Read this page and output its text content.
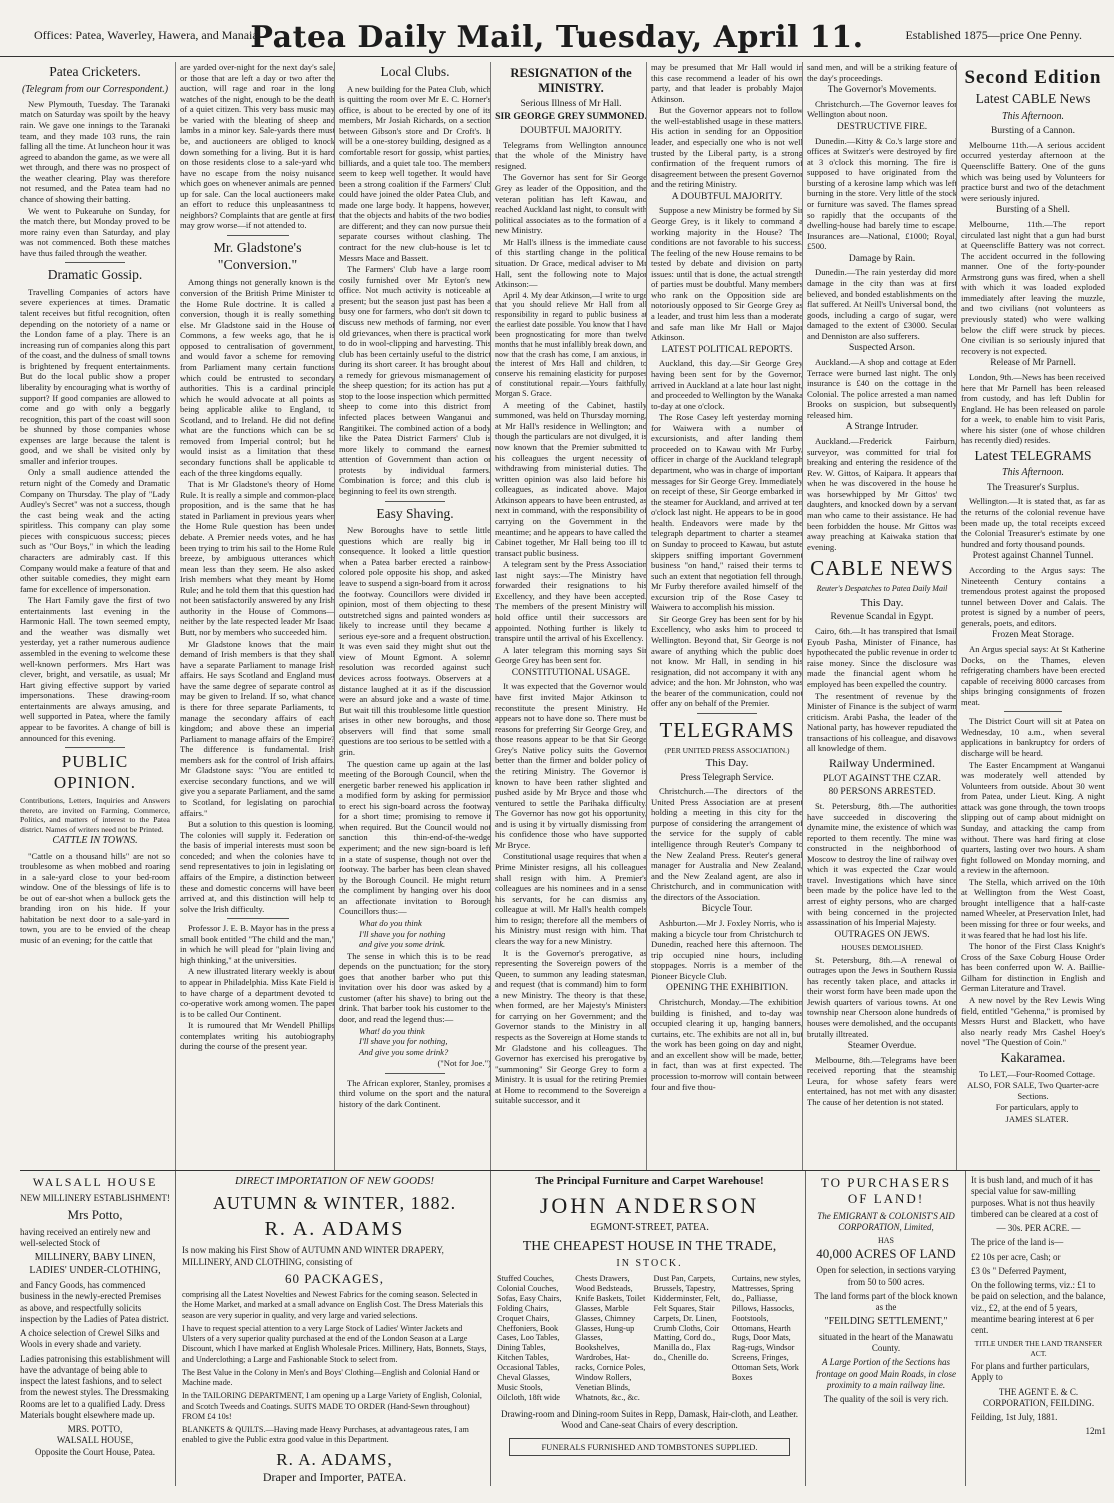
Offices: Patea, Waverley, Hawera, and Manaia.
Patea Daily Mail, Tuesday, April 11.	Established 1875—price One Penny.
Patea Cricketers.
(Telegram from our Correspondent.)

New Plymouth, Tuesday. The Taranaki match on Saturday was spoilt by the heavy rain. We gave one innings to the Taranaki team, and they made 103 runs, the rain falling all the time. At luncheon hour it was agreed to abandon the game, as we were all wet through, and there was no prospect of the weather clearing. Play was therefore not resumed, and the Patea team had no chance of showing their batting.

We went to Pukearuhe on Sunday, for the match there, but Monday proved to be more rainy even than Saturday, and play was not commenced. Both these matches have thus failed through the weather.

Dramatic Gossip.

Travelling Companies of actors have severe experiences at times. Dramatic talent receives but fitful recognition, often depending on the notoriety of a name or the London fame of a play. There is an increasing run of companies along this part of the coast, and the dulness of small towns is brightened by frequent entertainments. But do the local public show a proper liberality by encouraging what is worthy of support? If good companies are allowed to come and go with only a beggarly recognition, this part of the coast will soon be shunned by those companies whose expenses are large because the talent is good, and we shall be visited only by smaller and inferior troupes.

Only a small audience attended the return night of the Comedy and Dramatic Company on Thursday. The play of "Lady Audley's Secret" was not a success, though the cast being weak and the acting spiritless. This company can play some pieces with conspicuous success; pieces such as "Our Boys," in which the leading characters are admirably cast. If this Company would make a feature of that and other suitable comedies, they might earn fame for excellence of impersonation.

The Hart Family gave the first of two entertainments last evening in the Harmonic Hall. The town seemed empty, and the weather was dismally wet yesterday, yet a rather numerous audience assembled in the evening to welcome these well-known performers. Mrs Hart was clever, bright, and versatile, as usual; Mr Hart giving effective support by varied impersonations. These drawing-room entertainments are always amusing, and well supported in Patea, where the family appear to be favorites. A change of bill is announced for this evening.

PUBLIC OPINION.

Contributions, Letters, Inquiries and Answers thereto, are invited on Farming, Commerce, Politics, and matters of interest to the Patea district. Names of writers need not be Printed.

CATTLE IN TOWNS.

"Cattle on a thousand hills" are not so troublesome as when mobbed and roaring in a sale-yard close to your bed-room window. One of the blessings of life is to be out of ear-shot when a bullock gets the branding iron on his hide. If your habitation be next door to a sale-yard in town, you are to be envied of the cheap music of an evening; for the cattle that

are yarded over-night for the next day's sale, or those that are left a day or two after the auction, will rage and roar in the long watches of the night, enough to be the death of a quiet citizen. This very bass music may be varied with the bleating of sheep and lambs in a minor key. Sale-yards there must be, and auctioneers are obliged to knock down something for a living. But it is hard on those residents close to a sale-yard who have no escape from the noisy nuisance which goes on whenever animals are penned up for sale. Can the local auctioneers make an effort to reduce this unpleasantness to neighbors? Complaints that are gentle at first may grow worse—if not attended to.

Mr. Gladstone's "Conversion."

Among things not generally known is the conversion of the British Prime Minister to the Home Rule doctrine. It is called a conversion, though it is really something else. Mr Gladstone said in the House of Commons, a few weeks ago, that he is opposed to centralisation of government, and would favor a scheme for removing from Parliament many certain functions which could be entrusted to secondary authorities. This is a cardinal principle which he would advocate at all points as being applicable alike to England, to Scotland, and to Ireland. He did not define what are the functions which can be so removed from Imperial control; but he would insist as a limitation that these secondary functions shall be applicable to each of the three kingdoms equally.

That is Mr Gladstone's theory of Home Rule. It is really a simple and common-place proposition, and is the same that he has stated in Parliament in previous years when the Home Rule question has been under debate. A Premier needs votes, and he has been trying to trim his sail to the Home Rule breeze, by ambiguous utterances which mean less than they seem. He also asked Irish members what they meant by Home Rule; and he told them that this question had not been satisfactorily answered by any Irish authority in the House of Commons—neither by the late respected leader Mr Isaac Butt, nor by members who succeeded him.

Mr Gladstone knows that the main demand of Irish members is that they shall have a separate Parliament to manage Irish affairs. He says Scotland and England must have the same degree of separate control as may be given to Ireland. If so, what chance is there for three separate Parliaments, to manage the secondary affairs of each kingdom; and above these an imperial Parliament to manage affairs of the Empire? The difference is fundamental. Irish members ask for the control of Irish affairs. Mr Gladstone says: "You are entitled to exercise secondary functions, and we will give you a separate Parliament, and the same to Scotland, for legislating on parochial affairs."

But a solution to this question is looming. The colonies will supply it. Federation on the basis of imperial interests must soon be conceded; and when the colonies have to send representatives to join in legislating on affairs of the Empire, a distinction between these and domestic concerns will have been arrived at, and this distinction will help to solve the Irish difficulty.

Professor J. E. B. Mayor has in the press a small book entitled "The child and the man," in which he will plead for "plain living and high thinking," at the universities.

A new illustrated literary weekly is about to appear in Philadelphia. Miss Kate Field is to have charge of a department devoted to co-operative work among women. The paper is to be called Our Continent.

It is rumoured that Mr Wendell Phillips contemplates writing his autobiography during the course of the present year.

Local Clubs.

A new building for the Patea Club, which is quitting the room over Mr E. C. Horner's office, is about to be erected by one of its members, Mr Josiah Richards, on a section between Gibson's store and Dr Croft's. It will be a one-storey building, designed as a comfortable resort for gossip, whist parties, billiards, and a quiet tale too. The members seem to keep well together. It would have been a strong coalition if the Farmers' Club could have joined the older Patea Club, and made one large body. It happens, however, that the objects and habits of the two bodies are different; and they can now pursue their separate courses without clashing. The contract for the new club-house is let to Messrs Mace and Bassett.

The Farmers' Club have a large room cosily furnished over Mr Eyton's new office. Not much activity is noticeable at present; but the season just past has been a busy one for farmers, who don't sit down to discuss new methods of farming, nor even old grievances, when there is practical work to do in wool-clipping and harvesting. This club has been certainly useful to the district during its short career. It has brought about a remedy for grievous mismanagement of the sheep question; for its action has put a stop to the loose inspection which permitted sheep to come into this district from infected places between Wanganui and Rangitikei. The combined action of a body like the Patea District Farmers' Club is more likely to command the earnest attention of Government than action or protests by individual farmers. Combination is force; and this club is beginning to feel its own strength.

Easy Shaving.

New Boroughs have to settle little questions which are really big in consequence. It looked a little question when a Patea barber erected a rainbow-colored pole opposite his shop, and asked leave to suspend a sign-board from it across the footway. Councillors were divided in opinion, most of them objecting to these outstretched signs and painted wonders as likely to increase until they became a serious eye-sore and a frequent obstruction. It was even said they might shut out the view of Mount Egmont. A solemn resolution was recorded against such devices across footways. Observers at a distance laughed at it as if the discussion were an absurd joke and a waste of time. But wait till this troublesome little question arises in other new boroughs, and those observers will find that some small questions are too serious to be settled with a grin.

The question came up again at the last meeting of the Borough Council, when the energetic barber renewed his application in a modified form by asking for permission to erect his sign-board across the footway for a short time; promising to remove it when required. But the Council would not sanction this thin-end-of-the-wedge experiment; and the new sign-board is left in a state of suspense, though not over the footway. The barber has been clean shaved by the Borough Council. He might return the compliment by hanging over his door an affectionate invitation to Borough Councillors thus:—

What do you think
I'll shave you for nothing
and give you some drink.

The sense in which this is to be read depends on the punctuation; for the story goes that another barber who put this invitation over his door was asked by a customer (after his shave) to bring out the drink. That barber took his customer to the door, and read the legend thus:—

What! do you think
I'll shave you for nothing,
And give you some drink?

("Not for Joe.")

The African explorer, Stanley, promises a third volume on the sport and the natural history of the dark Continent.

RESIGNATION of the MINISTRY.
Serious Illness of Mr Hall.
SIR GEORGE GREY SUMMONED.
DOUBTFUL MAJORITY.

Telegrams from Wellington announce that the whole of the Ministry have resigned.

The Governor has sent for Sir George Grey as leader of the Opposition, and the veteran politian has left Kawau, and reached Auckland last night, to consult with political associates as to the formation of a new Ministry.

Mr Hall's illness is the immediate cause of this startling change in the political situation. Dr Grace, medical adviser to Mr Hall, sent the following note to Major Atkinson:—

April 4. My dear Atkinson,—I write to urge that you should relieve Mr Hall from all responsibility in regard to public business at the earliest date possible. You know that I have been prognosticating for more than twelve months that he must infallibly break down, and now that the crash has come, I am anxious, in the interest of Mrs Hall and children, to conserve his remaining elasticity for purposes of constitutional repair.—Yours faithfully, Morgan S. Grace.

A meeting of the Cabinet, hastily summoned, was held on Thursday morning, at Mr Hall's residence in Wellington; and though the particulars are not divulged, it is now known that the Premier submitted to his colleagues the urgent necessity of withdrawing from ministerial duties. The written opinion was also laid before his colleagues, as indicated above. Major Atkinson appears to have been entrusted, as next in command, with the responsibility of carrying on the Government in the meantime; and he appears to have called the Cabinet together, Mr Hall being too ill to transact public business.

A telegram sent by the Press Association last night says:—The Ministry have forwarded their resignations to his Excellency, and they have been accepted. The members of the present Ministry will hold office until their successors are appointed. Nothing further is likely to transpire until the arrival of his Excellency.

A later telegram this morning says Sir George Grey has been sent for.

CONSTITUTIONAL USAGE.

It was expected that the Governor would have first invited Major Atkinson to reconstitute the present Ministry. He appears not to have done so. There must be reasons for preferring Sir George Grey, and those reasons appear to be that Sir George Grey's Native policy suits the Governor better than the firmer and bolder policy of the retiring Ministry. The Governor is known to have been rather slighted and pushed aside by Mr Bryce and those who ventured to settle the Parihaka difficulty. The Governor has now got his opportunity, and is using it by virtually dismissing from his confidence those who have supported Mr Bryce.

Constitutional usage requires that when a Prime Minister resigns, all his colleagues shall resign with him. A Premier's colleagues are his nominees and in a sense his servants, for he can dismiss any colleague at will. Mr Hall's health compels him to resign; therefore all the members of his Ministry must resign with him. That clears the way for a new Ministry.

It is the Governor's prerogative, as representing the Sovereign powers of the Queen, to summon any leading statesman, and request (that is command) him to form a new Ministry. The theory is that these, when formed, are her Majesty's Ministers for carrying on her Government; and the Governor stands to the Ministry in all respects as the Sovereign at Home stands to Mr Gladstone and his colleagues. The Governor has exercised his prerogative by "summoning" Sir George Grey to form a Ministry. It is usual for the retiring Premier at Home to recommend to the Sovereign a suitable successor, and it

may be presumed that Mr Hall would in this case recommend a leader of his own party, and that leader is probably Major Atkinson.

But the Governor appears not to follow the well-established usage in these matters. His action in sending for an Opposition leader, and especially one who is not well trusted by the Liberal party, is a strong confirmation of the frequent rumors of disagreement between the present Governor and the retiring Ministry.

A DOUBTFUL MAJORITY.

Suppose a new Ministry be formed by Sir George Grey, is it likely to command a working majority in the House? The conditions are not favorable to his success. The feeling of the new House remains to be tested by debate and division on party issues: until that is done, the actual strength of parties must be doubtful. Many members who rank on the Opposition side are notoriously opposed to Sir George Grey as a leader, and trust him less than a moderate and safe man like Mr Hall or Major Atkinson.

LATEST POLITICAL REPORTS.

Auckland, this day.—Sir George Grey having been sent for by the Governor, arrived in Auckland at a late hour last night, and proceeded to Wellington by the Wanaka to-day at one o'clock.

The Rose Casey left yesterday morning for Waiwera with a number of excursionists, and after landing them proceeded on to Kawau with Mr Furby, officer in charge of the Auckland telegraph department, who was in charge of important messages for Sir George Grey. Immediately on receipt of these, Sir George embarked in the steamer for Auckland, and arrived at ten o'clock last night. He appears to be in good health. Endeavors were made by the telegraph department to charter a steamer on Sunday to proceed to Kawau, but astute skippers sniffing important Government business "on hand," raised their terms to such an extent that negotiation fell through. Mr Furby therefore availed himself of the excursion trip of the Rose Casey to Waiwera to accomplish his mission.

Sir George Grey has been sent for by his Excellency, who asks him to proceed to Wellington. Beyond that, Sir George is not aware of anything which the public does not know. Mr Hall, in sending in his resignation, did not accompany it with any advice; and the hon. Mr Johnston, who was the bearer of the communication, could not offer any on behalf of the Premier.

TELEGRAMS
(PER UNITED PRESS ASSOCIATION.)
This Day.
Press Telegraph Service.

Christchurch.—The directors of the United Press Association are at present holding a meeting in this city for the purpose of considering the arrangement of the service for the supply of cable intelligence through Reuter's Company to the New Zealand Press. Reuter's general manager for Australia and New Zealand, and the New Zealand agent, are also in Christchurch, and in communication with the directors of the Association.

Bicycle Tour.

Ashburton.—Mr J. Foxley Norris, who is making a bicycle tour from Christchurch to Dunedin, reached here this afternoon. The trip occupied nine hours, including stoppages. Norris is a member of the Pioneer Bicycle Club.

OPENING THE EXHIBITION.

Christchurch, Monday.—The exhibition building is finished, and to-day was occupied clearing it up, hanging banners, curtains, etc. The exhibits are not all in, but the work has been going on day and night, and an excellent show will be made, better, in fact, than was at first expected. The procession to-morrow will contain between four and five thou-

sand men, and will be a striking feature of the day's proceedings.

The Governor's Movements.

Christchurch.—The Governor leaves for Wellington about noon.

DESTRUCTIVE FIRE.

Dunedin.—Kitty & Co.'s large store and offices at Switzer's were destroyed by fire at 3 o'clock this morning. The fire is supposed to have originated from the bursting of a kerosine lamp which was left burning in the store. Very little of the stock or furniture was saved. The flames spread so rapidly that the occupants of the dwelling-house had barely time to escape. Insurances are—National, £1000; Royal, £500.

Damage by Rain.

Dunedin.—The rain yesterday did more damage in the city than was at first believed, and bonded establishments on the flat suffered. At Neill's Universal bond, the goods, including a cargo of sugar, were damaged to the extent of £3000. Secular and Denniston are also sufferers.

Suspected Arson.

Auckland.—A shop and cottage at Eden Terrace were burned last night. The only insurance is £40 on the cottage in the Colonial. The police arrested a man named Brooks on suspicion, but subsequently released him.

A Strange Intruder.

Auckland.—Frederick Fairburn, surveyor, was committed for trial for breaking and entering the residence of the Rev. W. Gittos, of Kaipara. It appears that when he was discovered in the house he was horsewhipped by Mr Gittos' two daughters, and knocked down by a servant man who came to their assistance. He had been forbidden the house. Mr Gittos was away preaching at Kaiwaka station that evening.

CABLE NEWS
Reuter's Despatches to Patea Daily Mail
This Day.
Revenue Scandal in Egypt.

Cairo, 6th.—It has transpired that Ismail Eyoub Pasha, Minister of Finance, has hypothecated the public revenue in order to raise money. Since the disclosure was made the financial agent whom he employed has been expelled the country.

The resentment of revenue by the Minister of Finance is the subject of warm criticism. Arabi Pasha, the leader of the National party, has however repudiated the transactions of his colleague, and disavows all knowledge of them.

Railway Undermined.
PLOT AGAINST THE CZAR.
80 PERSONS ARRESTED.

St. Petersburg, 8th.—The authorities have succeeded in discovering the dynamite mine, the existence of which was reported to them recently. The mine was constructed in the neighborhood of Moscow to destroy the line of railway over which it was expected the Czar would travel. Investigations which have since been made by the police have led to the arrest of eighty persons, who are charged with being concerned in the projected assassination of his Imperial Majesty.

OUTRAGES ON JEWS.
HOUSES DEMOLISHED.

St. Petersburg, 8th.—A renewal of outrages upon the Jews in Southern Russia has recently taken place, and attacks in their worst form have been made upon the Jewish quarters of various towns. At one township near Chersoon alone hundreds of houses were demolished, and the occupants brutally illtreated.

Steamer Overdue.

Melbourne, 8th.—Telegrams have been received reporting that the steamship Leura, for whose safety fears were entertained, has not met with any disaster. The cause of her detention is not stated.

Second Edition
Latest CABLE News
This Afternoon.
Bursting of a Cannon.

Melbourne 11th.—A serious accident occurred yesterday afternoon at the Queenscliffe Battery. One of the guns which was being used by Volunteers for practice burst and two of the detachment were seriously injured.

Bursting of a Shell.

Melbourne, 11th.—The report circulated last night that a gun had burst at Queenscliffe Battery was not correct. The accident occurred in the following manner. One of the forty-pounder Armstrong guns was fired, when a shell with which it was loaded exploded immediately after leaving the muzzle, and two civilians (not volunteers as previously stated) who were walking below the cliff were struck by pieces. One civilian is so seriously injured that recovery is not expected.

Release of Mr Parnell.

London, 9th.—News has been received here that Mr Parnell has been released from custody, and has left Dublin for England. He has been released on parole for a week, to enable him to visit Paris, where his sister (one of whose children has recently died) resides.

Latest TELEGRAMS
This Afternoon.
The Treasurer's Surplus.

Wellington.—It is stated that, as far as the returns of the colonial revenue have been made up, the total receipts exceed the Colonial Treasurer's estimate by one hundred and forty thousand pounds.

Protest against Channel Tunnel.

According to the Argus says: The Nineteenth Century contains a tremendous protest against the proposed tunnel between Dover and Calais. The protest is signed by a number of peers, generals, poets, and editors.

Frozen Meat Storage.

An Argus special says: At St Katherine Docks, on the Thames, eleven refrigerating chambers have been erected capable of receiving 8000 carcases from ships bringing consignments of frozen meat.

The District Court will sit at Patea on Wednesday, 10 a.m., when several applications in bankruptcy for orders of discharge will be heard.

The Easter Encampment at Wanganui was moderately well attended by Volunteers from outside. About 30 went from Patea, under Lieut. King. A night attack was gone through, the town troops slipping out of camp about midnight on Sunday, and attacking the camp from without. There was hard firing at close quarters, lasting over two hours. A sham fight followed on Monday morning, and a review in the afternoon.

The Stella, which arrived on the 10th at Wellington from the West Coast, brought intelligence that a half-caste named Wheeler, at Preservation Inlet, had been missing for three or four weeks, and it was feared that he had lost his life.

The honor of the First Class Knight's Cross of the Saxe Coburg House Order has been conferred upon W. A. Baillie-Gilham for distinction in English and German Literature and Travel.

A new novel by the Rev Lewis Wing field, entitled "Gehenna," is promised by Messrs Hurst and Blackett, who have also nearly ready Mrs Cashel Hoey's novel "The Question of Coin."

Kakaramea.

To LET,—Four-Roomed Cottage. ALSO, FOR SALE, Two Quarter-acre Sections.

For particulars, apply to

JAMES SLATER.

WALSALL HOUSE

NEW MILLINERY ESTABLISHMENT!

Mrs Potto,

having received an entirely new and well-selected Stock of

MILLINERY, BABY LINEN, LADIES' UNDER-CLOTHING,

and Fancy Goods, has commenced business in the newly-erected Premises as above, and respectfully solicits inspection by the Ladies of Patea district.

A choice selection of Crewel Silks and Wools in every shade and variety.

Ladies patronising this establishment will have the advantage of being able to inspect the latest fashions, and to select from the newest styles. The Dressmaking Rooms are let to a qualified Lady. Dress Materials bought elsewhere made up.

MRS. POTTO,

WALSALL HOUSE,

Opposite the Court House, Patea.

DIRECT IMPORTATION OF NEW GOODS!

AUTUMN & WINTER, 1882.

R. A. ADAMS

Is now making his First Show of AUTUMN AND WINTER DRAPERY, MILLINERY, AND CLOTHING, consisting of

60 PACKAGES,

comprising all the Latest Novelties and Newest Fabrics for the coming season. Selected in the Home Market, and marked at a small advance on English Cost. The Dress Materials this season are very superior in quality, and very large and varied selections.

I have to request special attention to a very Large Stock of Ladies' Winter Jackets and Ulsters of a very superior quality purchased at the end of the London Season at a Large Discount, which I have marked at English Wholesale Prices. Millinery, Hats, Bonnets, Stays, and Underclothing; a Large and Fashionable Stock to select from.

The Best Value in the Colony in Men's and Boys' Clothing—English and Colonial Hand or Machine made.

In the TAILORING DEPARTMENT, I am opening up a Large Variety of English, Colonial, and Scotch Tweeds and Coatings. SUITS MADE TO ORDER (Hand-Sewn throughout) FROM £4 10s!

BLANKETS & QUILTS.—Having made Heavy Purchases, at advantageous rates, I am enabled to give the Public extra good value in this Department.

R. A. ADAMS,

Draper and Importer, PATEA.

The Principal Furniture and Carpet Warehouse!

JOHN ANDERSON

EGMONT-STREET, PATEA.

THE CHEAPEST HOUSE IN THE TRADE,

IN STOCK.

Stuffed Couches, Colonial Couches, Sofas, Easy Chairs, Folding Chairs, Croquet Chairs, Cheffoniers, Book Cases, Loo Tables, Dining Tables, Kitchen Tables, Occasional Tables, Cheval Glasses, Music Stools, Oilcloth, 18ft wide
Chests Drawers, Wood Bedsteads, Knife Baskets, Toilet Glasses, Marble Glasses, Chimney Glasses, Hung-up Glasses, Bookshelves, Wardrobes, Hat-racks, Cornice Poles, Window Rollers, Venetian Blinds, Whatnots, &c., &c.
Dust Pan, Carpets, Brussels, Tapestry, Kidderminster, Felt, Felt Squares, Stair Carpets, Dr. Linen, Crumb Cloths, Coir Matting, Cord do., Manilla do., Flax do., Chenille do.
Curtains, new styles, Mattresses, Spring do., Palliasse, Pillows, Hassocks, Footstools, Ottomans, Hearth Rugs, Door Mats, Rag-rugs, Windsor Screens, Fringes, Ottoman Sets, Work Boxes

Drawing-room and Dining-room Suites in Repp, Damask, Hair-cloth, and Leather. Wood and Cane-seat Chairs of every description.

FUNERALS FURNISHED AND TOMBSTONES SUPPLIED.

TO PURCHASERS

OF LAND!

The EMIGRANT & COLONIST'S AID CORPORATION, Limited,

HAS

40,000 ACRES OF LAND

Open for selection, in sections varying from 50 to 500 acres.

The land forms part of the block known as the

"FEILDING SETTLEMENT,"

situated in the heart of the Manawatu County.

A Large Portion of the Sections has frontage on good Main Roads, in close proximity to a main railway line.

The quality of the soil is very rich.

It is bush land, and much of it has special value for saw-milling purposes. What is not thus heavily timbered can be cleared at a cost of

— 30s. PER ACRE. —

The price of the land is—

£2 10s per acre, Cash; or

£3 0s " Deferred Payment,

On the following terms, viz.: £1 to be paid on selection, and the balance, viz., £2, at the end of 5 years, meantime bearing interest at 6 per cent.

TITLE UNDER THE LAND TRANSFER ACT.

For plans and further particulars, Apply to

THE AGENT E. & C. CORPORATION, FEILDING.

Feilding, 1st July, 1881.

12m1
